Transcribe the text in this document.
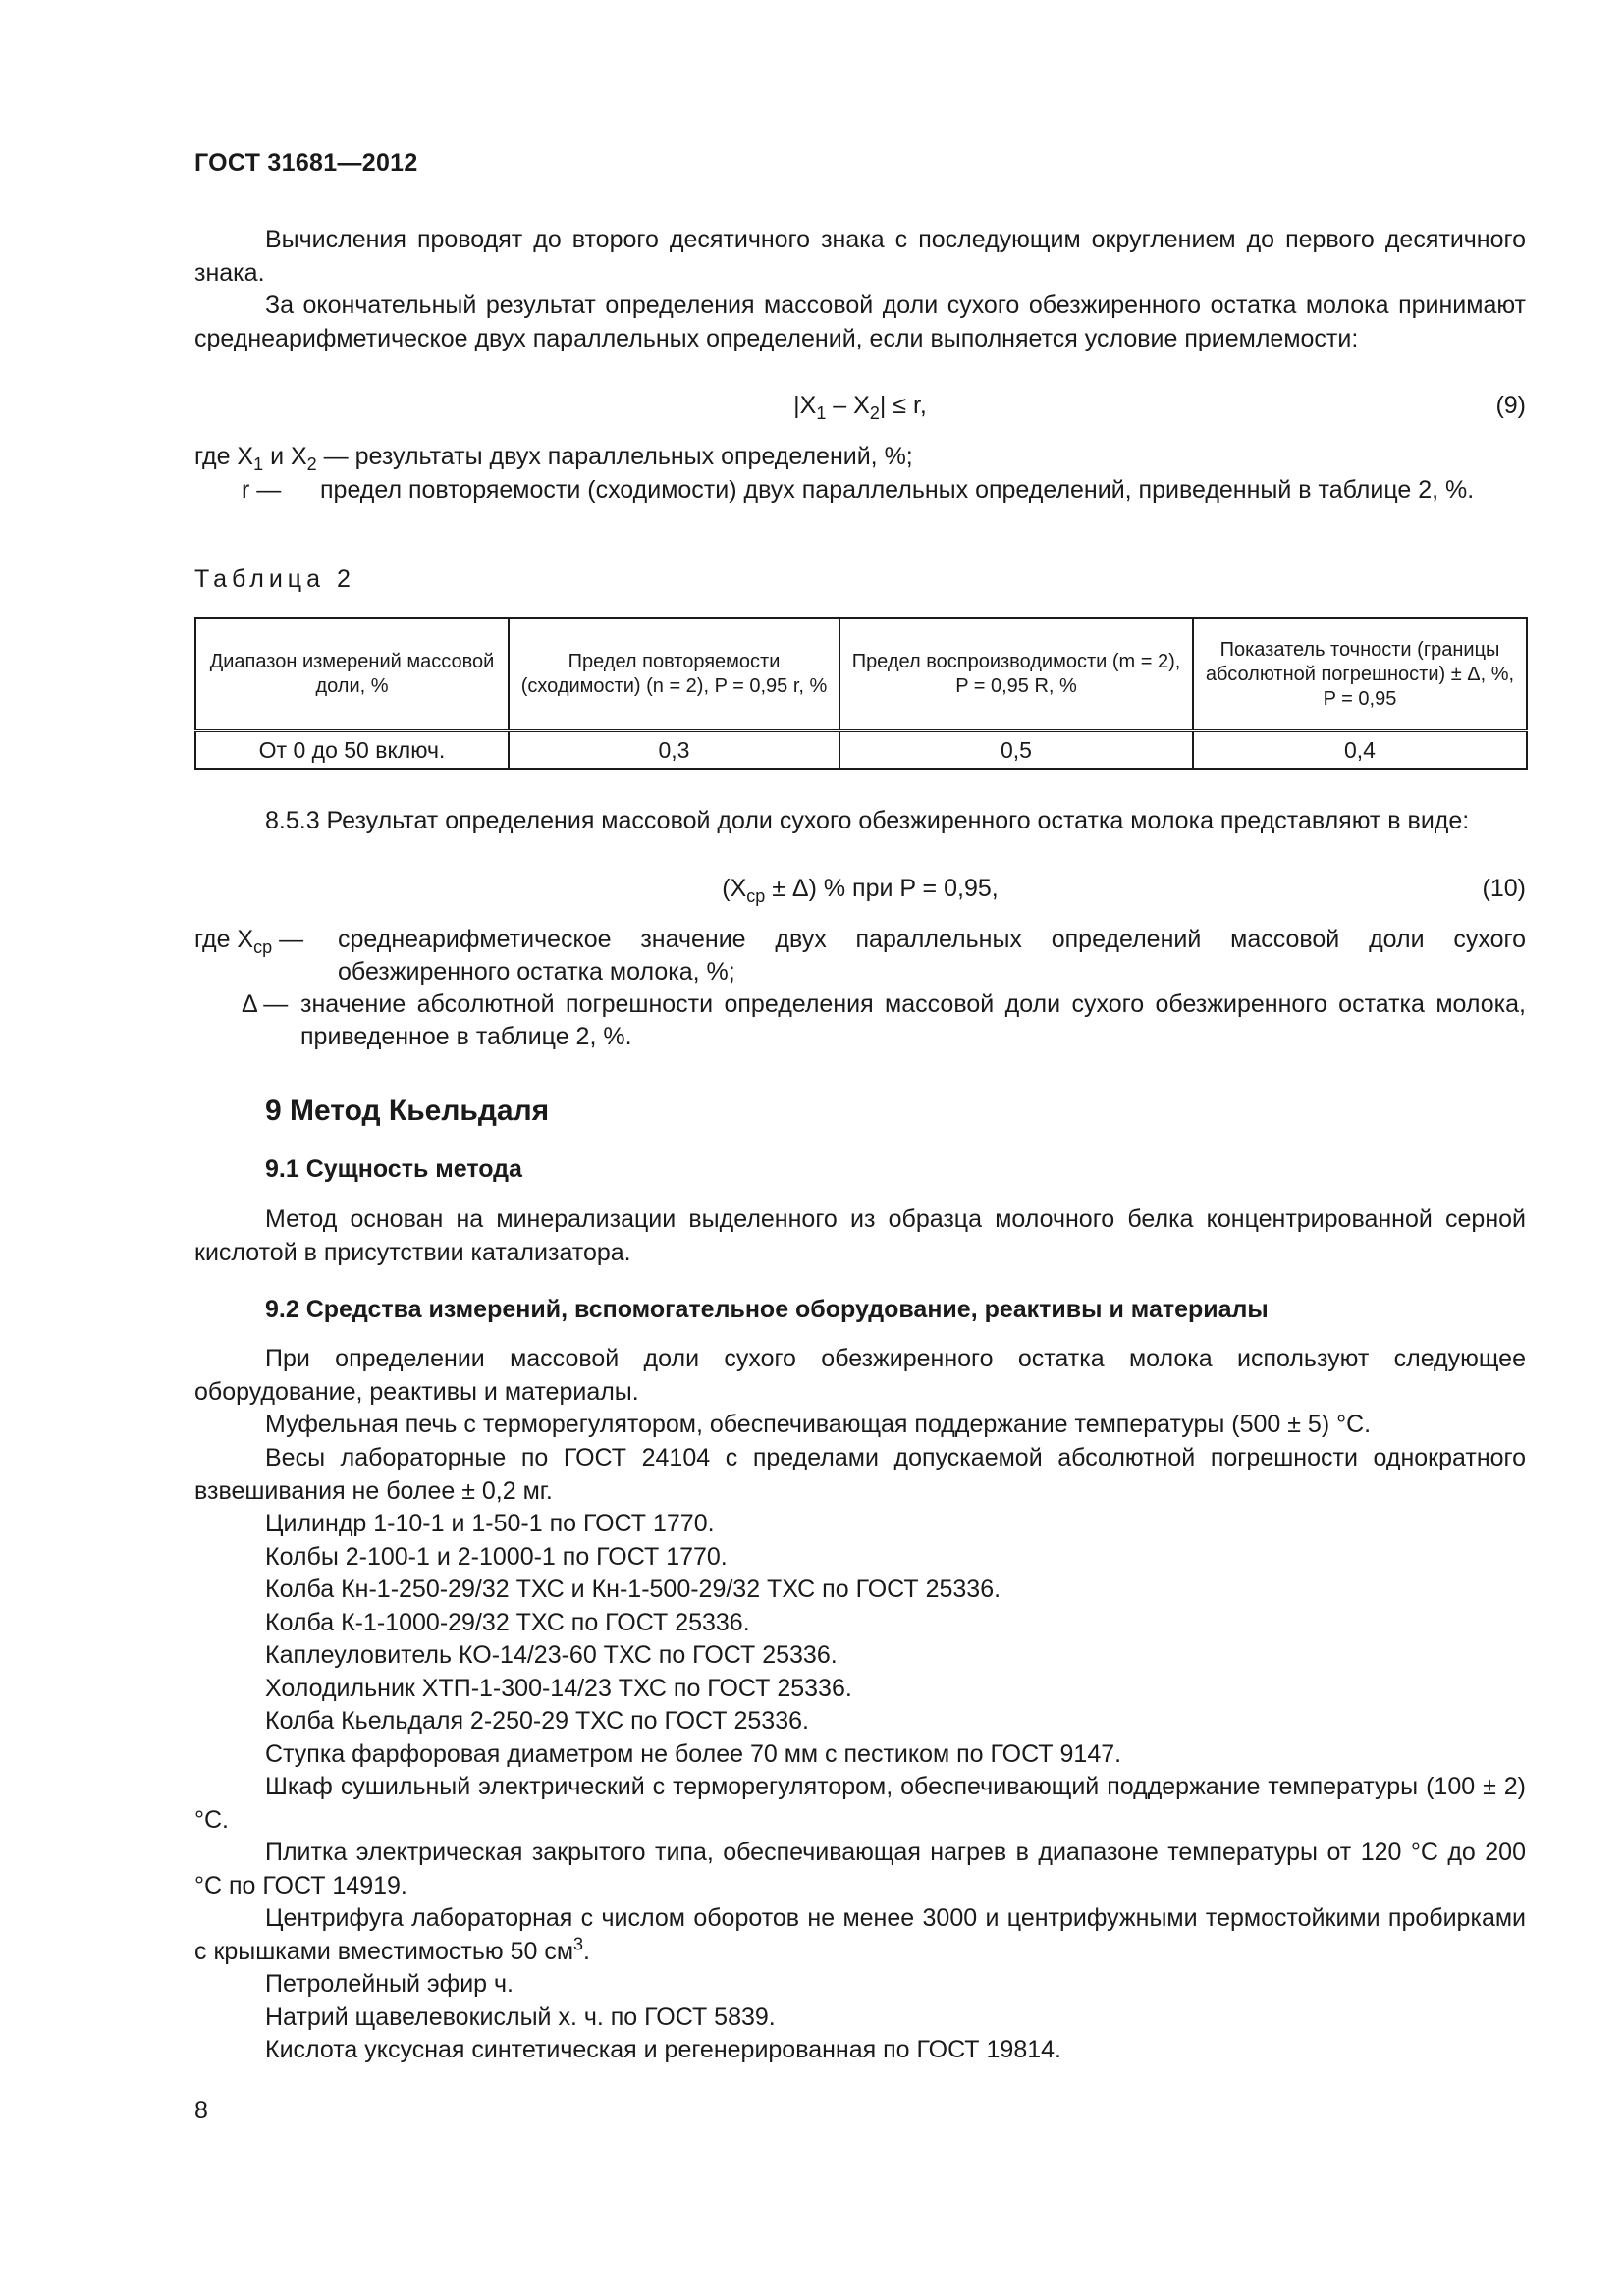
ГОСТ 31681—2012

Вычисления проводят до второго десятичного знака с последующим округлением до первого десятичного знака.

За окончательный результат определения массовой доли сухого обезжиренного остатка молока принимают среднеарифметическое двух параллельных определений, если выполняется условие приемлемости:

$|X_1 - X_2| \le r$,	(9)
где $X_1$ и $X_2$ — результаты двух параллельных определений, %;
r — предел повторяемости (сходимости) двух параллельных определений, приведенный в таблице 2, %.
Таблица 2
Диапазон измерений массовой доли, %	Предел повторяемости (сходимости) (n = 2), P = 0,95 r, %	Предел воспроизводимости (m = 2), P = 0,95 R, %	Показатель точности (границы абсолютной погрешности) ± Δ, %, P = 0,95
От 0 до 50 включ.	0,3	0,5	0,4

8.5.3 Результат определения массовой доли сухого обезжиренного остатка молока представляют в виде:

$(X_{ср} \pm \Delta)$ % при P = 0,95,	(10)
где $X_{ср}$ — среднеарифметическое значение двух параллельных определений массовой доли сухого обезжиренного остатка молока, %;
Δ — значение абсолютной погрешности определения массовой доли сухого обезжиренного остатка молока, приведенное в таблице 2, %.
9 Метод Кьельдаля
9.1 Сущность метода

Метод основан на минерализации выделенного из образца молочного белка концентрированной серной кислотой в присутствии катализатора.

9.2 Средства измерений, вспомогательное оборудование, реактивы и материалы

При определении массовой доли сухого обезжиренного остатка молока используют следующее оборудование, реактивы и материалы.

Муфельная печь с терморегулятором, обеспечивающая поддержание температуры (500 ± 5) °С.

Весы лабораторные по ГОСТ 24104 с пределами допускаемой абсолютной погрешности однократного взвешивания не более ± 0,2 мг.

Цилиндр 1-10-1 и 1-50-1 по ГОСТ 1770.
Колбы 2-100-1 и 2-1000-1 по ГОСТ 1770.
Колба Кн-1-250-29/32 ТХС и Кн-1-500-29/32 ТХС по ГОСТ 25336.
Колба К-1-1000-29/32 ТХС по ГОСТ 25336.
Каплеуловитель КО-14/23-60 ТХС по ГОСТ 25336.
Холодильник ХТП-1-300-14/23 ТХС по ГОСТ 25336.
Колба Кьельдаля 2-250-29 ТХС по ГОСТ 25336.
Ступка фарфоровая диаметром не более 70 мм с пестиком по ГОСТ 9147.

Шкаф сушильный электрический с терморегулятором, обеспечивающий поддержание температуры (100 ± 2) °С.

Плитка электрическая закрытого типа, обеспечивающая нагрев в диапазоне температуры от 120 °С до 200 °С по ГОСТ 14919.

Центрифуга лабораторная с числом оборотов не менее 3000 и центрифужными термостойкими пробирками с крышками вместимостью 50 $см^3$.

Петролейный эфир ч.
Натрий щавелевокислый х. ч. по ГОСТ 5839.
Кислота уксусная синтетическая и регенерированная по ГОСТ 19814.
8
